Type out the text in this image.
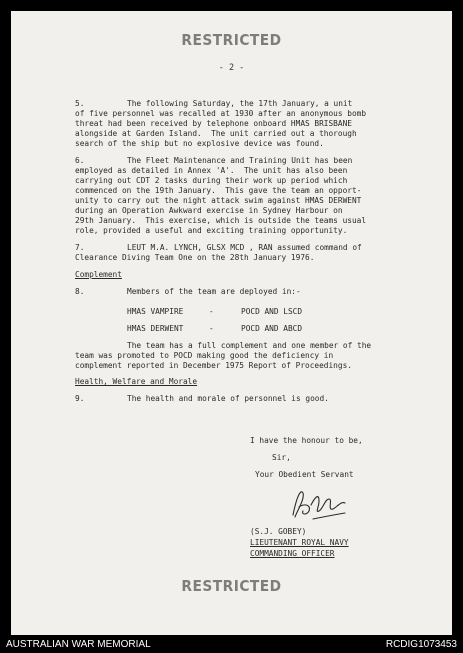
RESTRICTED
- 2 -

5.	The following Saturday, the 17th January, a unit

of five personnel was recalled at 1930 after an anonymous bomb

threat had been received by telephone onboard HMAS BRISBANE

alongside at Garden Island.  The unit carried out a thorough

search of the ship but no explosive device was found.

6.	The Fleet Maintenance and Training Unit has been

employed as detailed in Annex 'A'.  The unit has also been

carrying out CDT 2 tasks during their work up period which

commenced on the 19th January.  This gave the team an opport-

unity to carry out the night attack swim against HMAS DERWENT

during an Operation Awkward exercise in Sydney Harbour on

29th January.  This exercise, which is outside the teams usual

role, provided a useful and exciting training opportunity.

7.	LEUT M.A. LYNCH, GLSX MCD , RAN assumed command of

Clearance Diving Team One on the 28th January 1976.

Complement

8.	Members of the team are deployed in:-

HMAS VAMPIRE	-	POCD AND LSCD

HMAS DERWENT	-	POCD AND ABCD

The team has a full complement and one member of the

team was promoted to POCD making good the deficiency in

complement reported in December 1975 Report of Proceedings.

Health, Welfare and Morale

9.	The health and morale of personnel is good.

I have the honour to be,

Sir,

Your Obedient Servant

(S.J. GOBEY)

LIEUTENANT ROYAL NAVY

COMMANDING OFFICER

RESTRICTED
AUSTRALIAN WAR MEMORIAL	RCDIG1073453
